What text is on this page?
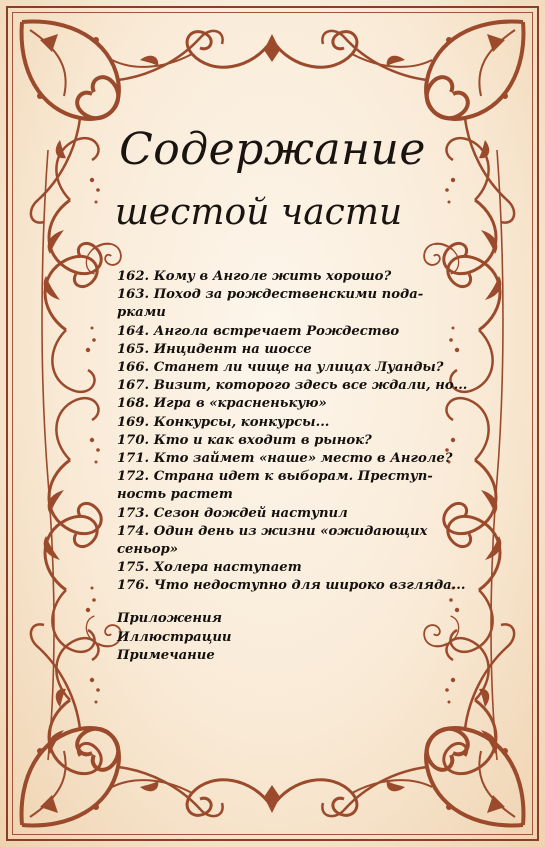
Содержание
шестой части
162. Кому в Анголе жить хорошо?
163. Поход за рождественскими пода-
рками
164. Ангола встречает Рождество
165. Инцидент на шоссе
166. Станет ли чище на улицах Луанды?
167. Визит, которого здесь все ждали, но...
168. Игра в «красненькую»
169. Конкурсы, конкурсы...
170. Кто и как входит в рынок?
171. Кто займет «наше» место в Анголе?
172. Страна идет к выборам. Преступ-
ность растет
173. Сезон дождей наступил
174. Один день из жизни «ожидающих
сеньор»
175. Холера наступает
176. Что недоступно для широко взгляда...
Приложения
Иллюстрации
Примечание
